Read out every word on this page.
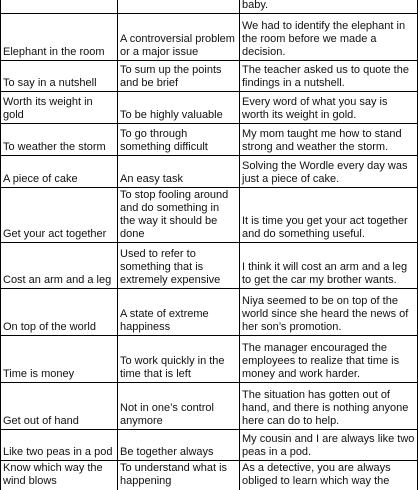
		baby.
Elephant in the room	A controversial problem or a major issue	We had to identify the elephant in the room before we made a decision.
To say in a nutshell	To sum up the points and be brief	The teacher asked us to quote the findings in a nutshell.
Worth its weight in gold	To be highly valuable	Every word of what you say is worth its weight in gold.
To weather the storm	To go through something difficult	My mom taught me how to stand strong and weather the storm.
A piece of cake	An easy task	Solving the Wordle every day was just a piece of cake.
Get your act together	To stop fooling around and do something in the way it should be done	It is time you get your act together and do something useful.
Cost an arm and a leg	Used to refer to something that is extremely expensive	I think it will cost an arm and a leg to get the car my brother wants.
On top of the world	A state of extreme happiness	Niya seemed to be on top of the world since she heard the news of her son’s promotion.
Time is money	To work quickly in the time that is left	The manager encouraged the employees to realize that time is money and work harder.
Get out of hand	Not in one’s control anymore	The situation has gotten out of hand, and there is nothing anyone here can do to help.
Like two peas in a pod	Be together always	My cousin and I are always like two peas in a pod.
Know which way the wind blows	To understand what is happening	As a detective, you are always obliged to learn which way the
